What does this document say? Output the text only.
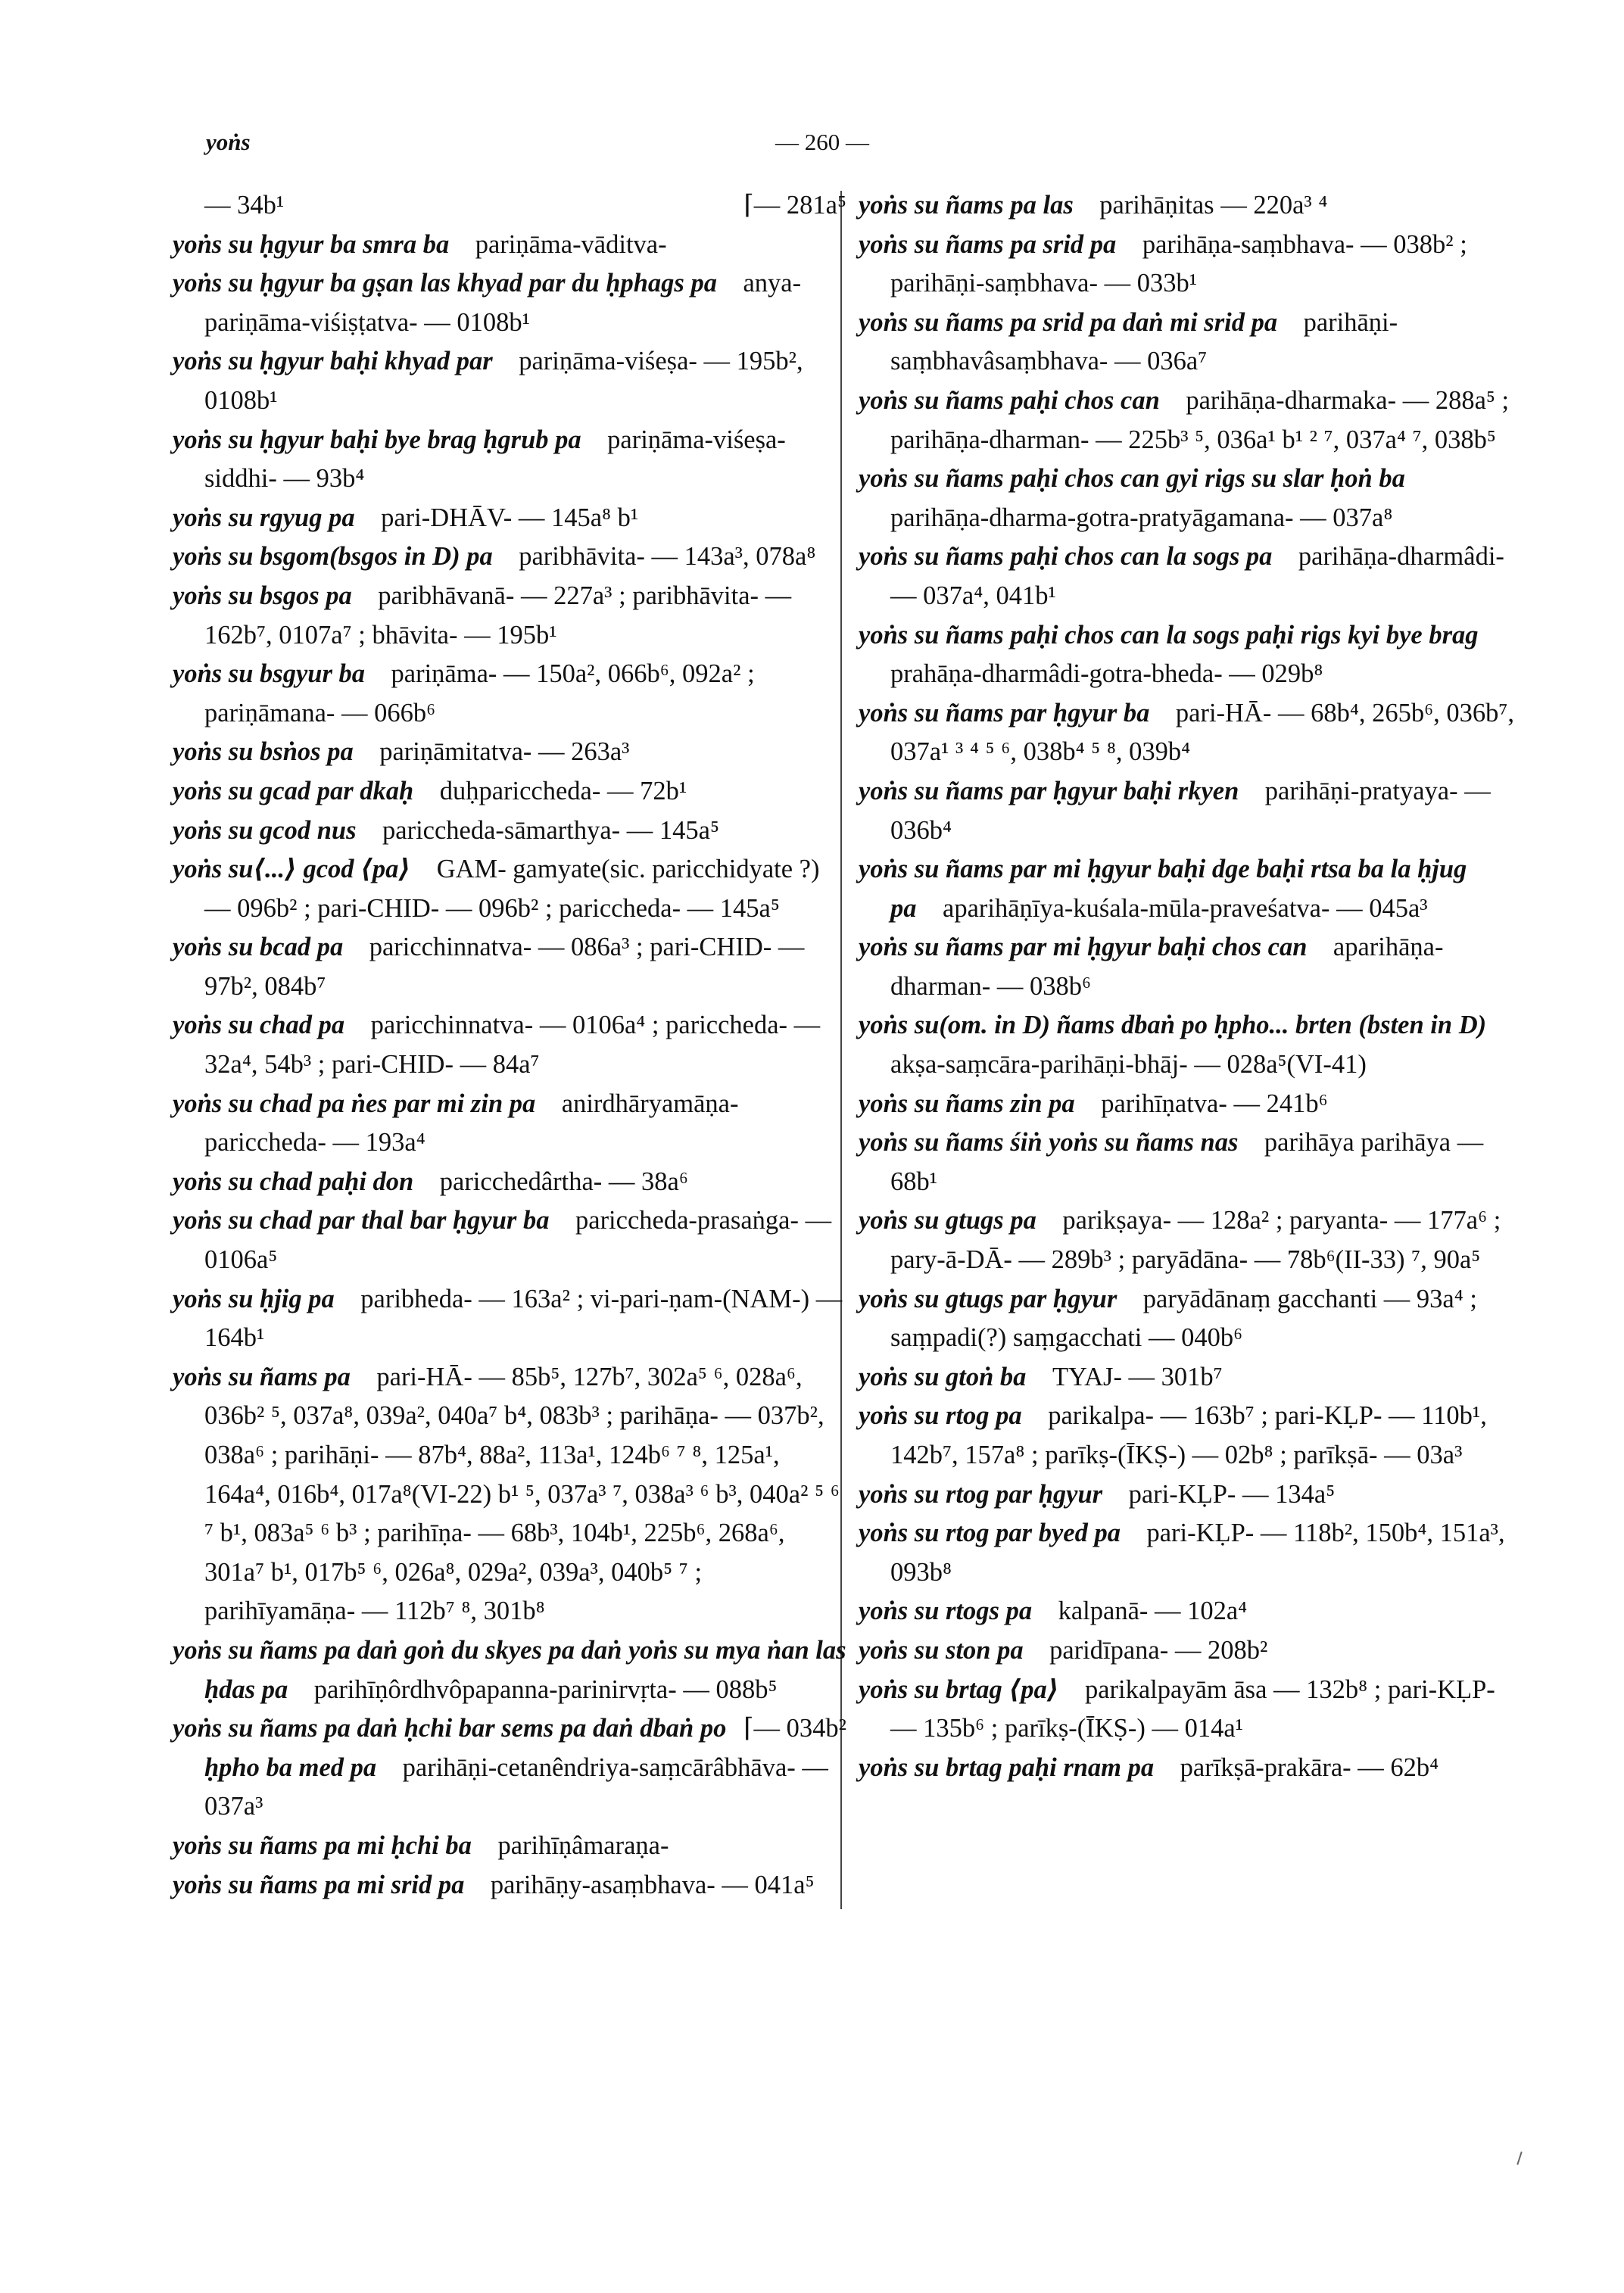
yoṅs	— 260 —

⌈— 281a⁵
— 34b¹

yoṅs su ḥgyur ba smra ba  pariṇāma-vāditva-

yoṅs su ḥgyur ba gṣan las khyad par du ḥphags pa  anya-pariṇāma-viśiṣṭatva- — 0108b¹

yoṅs su ḥgyur baḥi khyad par  pariṇāma-viśeṣa- — 195b², 0108b¹

yoṅs su ḥgyur baḥi bye brag ḥgrub pa  pariṇāma-viśeṣa-siddhi- — 93b⁴

yoṅs su rgyug pa  pari-DHĀV- — 145a⁸ b¹

yoṅs su bsgom(bsgos in D) pa  paribhāvita- — 143a³, 078a⁸

yoṅs su bsgos pa  paribhāvanā- — 227a³ ; paribhāvita- — 162b⁷, 0107a⁷ ; bhāvita- — 195b¹

yoṅs su bsgyur ba  pariṇāma- — 150a², 066b⁶, 092a² ; pariṇāmana- — 066b⁶

yoṅs su bsṅos pa  pariṇāmitatva- — 263a³

yoṅs su gcad par dkaḥ  duḥpariccheda- — 72b¹

yoṅs su gcod nus  pariccheda-sāmarthya- — 145a⁵

yoṅs su⟨...⟩ gcod ⟨pa⟩  GAM- gamyate(sic. paricchidyate ?) — 096b² ; pari-CHID- — 096b² ; pariccheda- — 145a⁵

yoṅs su bcad pa  paricchinnatva- — 086a³ ; pari-CHID- — 97b², 084b⁷

yoṅs su chad pa  paricchinnatva- — 0106a⁴ ; pariccheda- — 32a⁴, 54b³ ; pari-CHID- — 84a⁷

yoṅs su chad pa ṅes par mi zin pa  anirdhāryamāṇa-pariccheda- — 193a⁴

yoṅs su chad paḥi don  paricchedârtha- — 38a⁶

yoṅs su chad par thal bar ḥgyur ba  pariccheda-prasaṅga- — 0106a⁵

yoṅs su ḥjig pa  paribheda- — 163a² ; vi-pari-ṇam-(NAM-) — 164b¹

yoṅs su ñams pa  pari-HĀ- — 85b⁵, 127b⁷, 302a⁵ ⁶, 028a⁶, 036b² ⁵, 037a⁸, 039a², 040a⁷ b⁴, 083b³ ; parihāṇa- — 037b², 038a⁶ ; parihāṇi- — 87b⁴, 88a², 113a¹, 124b⁶ ⁷ ⁸, 125a¹, 164a⁴, 016b⁴, 017a⁸(VI-22) b¹ ⁵, 037a³ ⁷, 038a³ ⁶ b³, 040a² ⁵ ⁶ ⁷ b¹, 083a⁵ ⁶ b³ ; parihīṇa- — 68b³, 104b¹, 225b⁶, 268a⁶, 301a⁷ b¹, 017b⁵ ⁶, 026a⁸, 029a², 039a³, 040b⁵ ⁷ ; parihīyamāṇa- — 112b⁷ ⁸, 301b⁸

yoṅs su ñams pa daṅ goṅ du skyes pa daṅ yoṅs su mya ṅan las ḥdas pa  parihīṇôrdhvôpapanna-parinirvṛta- — 088b⁵

⌈— 034b²
yoṅs su ñams pa daṅ ḥchi bar sems pa daṅ dbaṅ po ḥpho ba med pa  parihāṇi-cetanêndriya-saṃcārâbhāva- — 037a³

yoṅs su ñams pa mi ḥchi ba  parihīṇâmaraṇa-

yoṅs su ñams pa mi srid pa  parihāṇy-asaṃbhava- — 041a⁵

yoṅs su ñams pa las  parihāṇitas — 220a³ ⁴

yoṅs su ñams pa srid pa  parihāṇa-saṃbhava- — 038b² ; parihāṇi-saṃbhava- — 033b¹

yoṅs su ñams pa srid pa daṅ mi srid pa  parihāṇi-saṃbhavâsaṃbhava- — 036a⁷

yoṅs su ñams paḥi chos can  parihāṇa-dharmaka- — 288a⁵ ; parihāṇa-dharman- — 225b³ ⁵, 036a¹ b¹ ² ⁷, 037a⁴ ⁷, 038b⁵

yoṅs su ñams paḥi chos can gyi rigs su slar ḥoṅ ba parihāṇa-dharma-gotra-pratyāgamana- — 037a⁸

yoṅs su ñams paḥi chos can la sogs pa  parihāṇa-dharmâdi- — 037a⁴, 041b¹

yoṅs su ñams paḥi chos can la sogs paḥi rigs kyi bye brag prahāṇa-dharmâdi-gotra-bheda- — 029b⁸

yoṅs su ñams par ḥgyur ba  pari-HĀ- — 68b⁴, 265b⁶, 036b⁷, 037a¹ ³ ⁴ ⁵ ⁶, 038b⁴ ⁵ ⁸, 039b⁴

yoṅs su ñams par ḥgyur baḥi rkyen  parihāṇi-pratyaya- — 036b⁴

yoṅs su ñams par mi ḥgyur baḥi dge baḥi rtsa ba la ḥjug pa  aparihāṇīya-kuśala-mūla-praveśatva- — 045a³

yoṅs su ñams par mi ḥgyur baḥi chos can  aparihāṇa-dharman- — 038b⁶

yoṅs su(om. in D) ñams dbaṅ po ḥpho... brten (bsten in D) akṣa-saṃcāra-parihāṇi-bhāj- — 028a⁵(VI-41)

yoṅs su ñams zin pa  parihīṇatva- — 241b⁶

yoṅs su ñams śiṅ yoṅs su ñams nas  parihāya parihāya — 68b¹

yoṅs su gtugs pa  parikṣaya- — 128a² ; paryanta- — 177a⁶ ; pary-ā-DĀ- — 289b³ ; paryādāna- — 78b⁶(II-33) ⁷, 90a⁵

yoṅs su gtugs par ḥgyur  paryādānaṃ gacchanti — 93a⁴ ; saṃpadi(?) saṃgacchati — 040b⁶

yoṅs su gtoṅ ba  TYAJ- — 301b⁷

yoṅs su rtog pa  parikalpa- — 163b⁷ ; pari-KḶP- — 110b¹, 142b⁷, 157a⁸ ; parīkṣ-(ĪKṢ-) — 02b⁸ ; parīkṣā- — 03a³

yoṅs su rtog par ḥgyur  pari-KḶP- — 134a⁵

yoṅs su rtog par byed pa  pari-KḶP- — 118b², 150b⁴, 151a³, 093b⁸

yoṅs su rtogs pa  kalpanā- — 102a⁴

yoṅs su ston pa  paridīpana- — 208b²

yoṅs su brtag ⟨pa⟩  parikalpayām āsa — 132b⁸ ; pari-KḶP- — 135b⁶ ; parīkṣ-(ĪKṢ-) — 014a¹

yoṅs su brtag paḥi rnam pa  parīkṣā-prakāra- — 62b⁴
